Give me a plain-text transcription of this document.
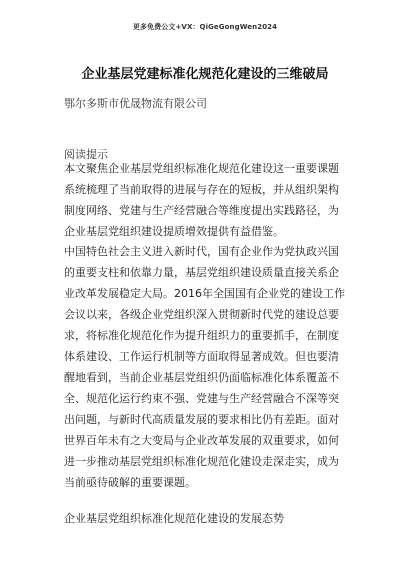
更多免费公文+VX：QiGeGongWen2024
企业基层党建标准化规范化建设的三维破局
鄂尔多斯市优晟物流有限公司
阅读提示
本文聚焦企业基层党组织标准化规范化建设这一重要课题
系统梳理了当前取得的进展与存在的短板，并从组织架构
制度网络、党建与生产经营融合等维度提出实践路径，为
企业基层党组织建设提质增效提供有益借鉴。
中国特色社会主义进入新时代，国有企业作为党执政兴国
的重要支柱和依靠力量，基层党组织建设质量直接关系企
业改革发展稳定大局。2016年全国国有企业党的建设工作
会议以来，各级企业党组织深入贯彻新时代党的建设总要
求，将标准化规范化作为提升组织力的重要抓手，在制度
体系建设、工作运行机制等方面取得显著成效。但也要清
醒地看到，当前企业基层党组织仍面临标准化体系覆盖不
全、规范化运行约束不强、党建与生产经营融合不深等突
出问题，与新时代高质量发展的要求相比仍有差距。面对
世界百年未有之大变局与企业改革发展的双重要求，如何
进一步推动基层党组织标准化规范化建设走深走实，成为
当前亟待破解的重要课题。
企业基层党组织标准化规范化建设的发展态势
